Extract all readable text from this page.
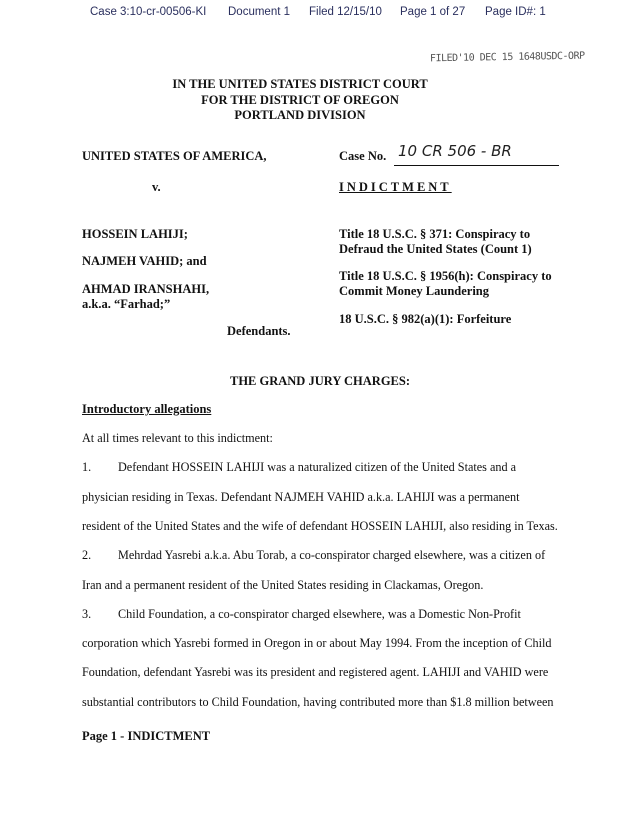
Case 3:10-cr-00506-KI Document 1 Filed 12/15/10 Page 1 of 27 Page ID#: 1
FILED'10 DEC 15 1648USDC-ORP
IN THE UNITED STATES DISTRICT COURT
FOR THE DISTRICT OF OREGON
PORTLAND DIVISION
UNITED STATES OF AMERICA,
v.
HOSSEIN LAHIJI;
NAJMEH VAHID; and
AHMAD IRANSHAHI,
a.k.a. “Farhad;”
Defendants.
Case No. 10 CR 506 - BR
INDICTMENT
Title 18 U.S.C. § 371: Conspiracy to
Defraud the United States (Count 1)
Title 18 U.S.C. § 1956(h): Conspiracy to
Commit Money Laundering
18 U.S.C. § 982(a)(1): Forfeiture
THE GRAND JURY CHARGES:
Introductory allegations
At all times relevant to this indictment:
1. Defendant HOSSEIN LAHIJI was a naturalized citizen of the United States and a
physician residing in Texas. Defendant NAJMEH VAHID a.k.a. LAHIJI was a permanent
resident of the United States and the wife of defendant HOSSEIN LAHIJI, also residing in Texas.
2. Mehrdad Yasrebi a.k.a. Abu Torab, a co-conspirator charged elsewhere, was a citizen of
Iran and a permanent resident of the United States residing in Clackamas, Oregon.
3. Child Foundation, a co-conspirator charged elsewhere, was a Domestic Non-Profit
corporation which Yasrebi formed in Oregon in or about May 1994. From the inception of Child
Foundation, defendant Yasrebi was its president and registered agent. LAHIJI and VAHID were
substantial contributors to Child Foundation, having contributed more than $1.8 million between
Page 1 - INDICTMENT
